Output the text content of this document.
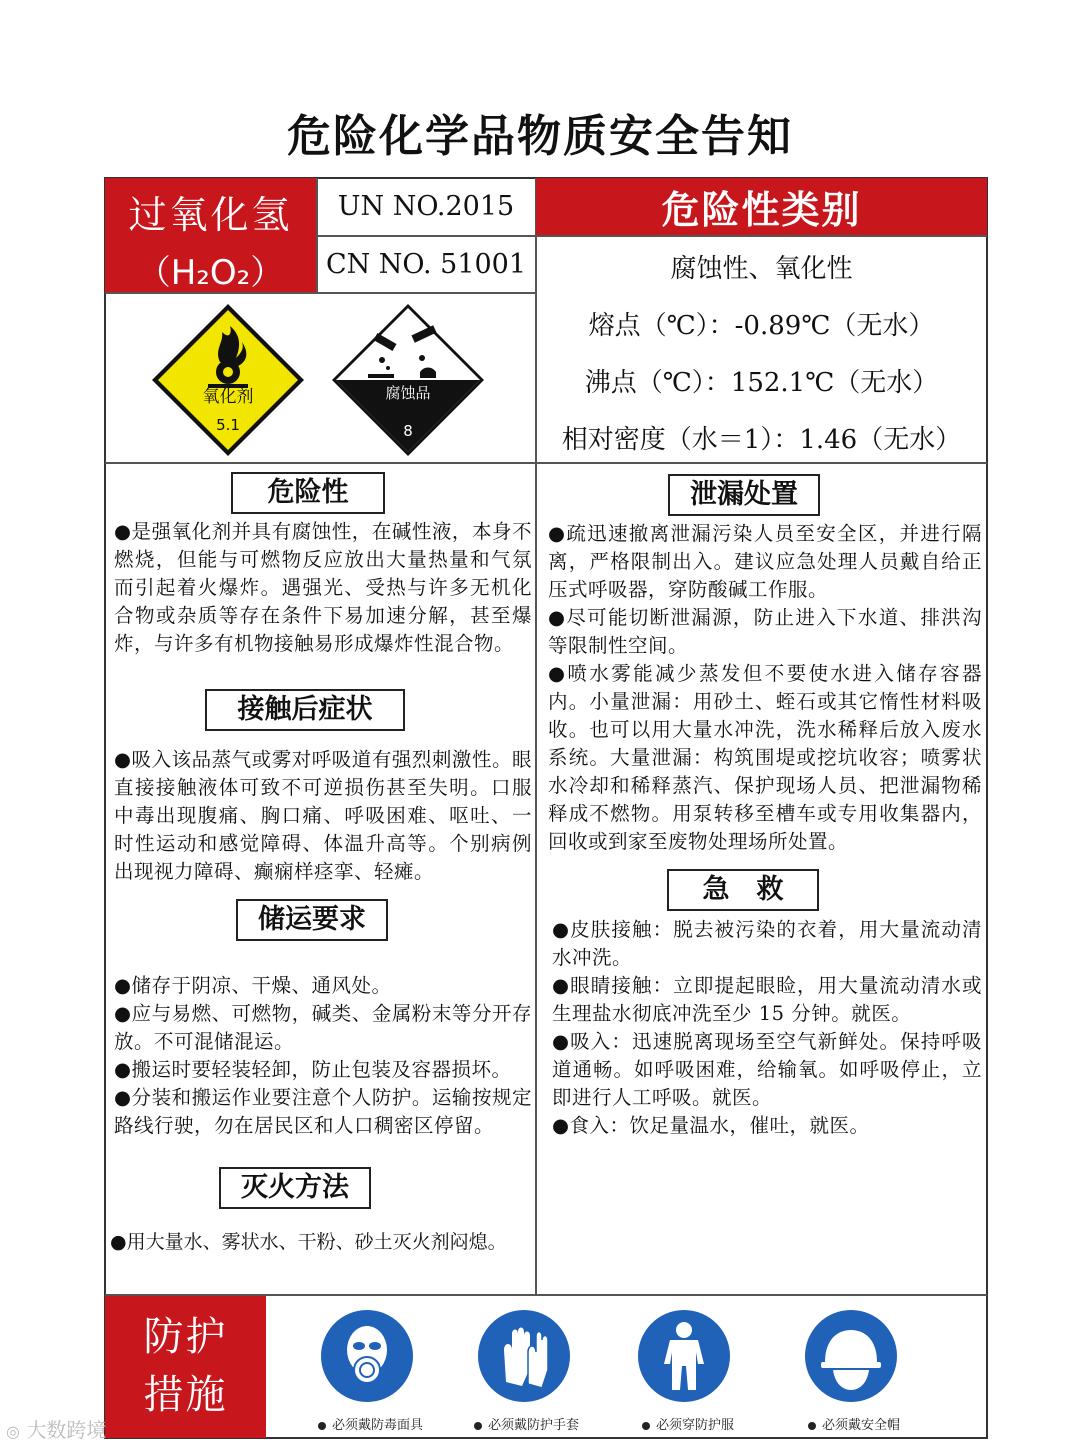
危险化学品物质安全告知
过氧化氢
（H₂O₂）
UN NO.2015
CN NO. 51001
危险性类别
腐蚀性、氧化性
熔点（℃）：-0.89℃（无水）
沸点（℃）：152.1℃（无水）
相对密度（水＝1）：1.46（无水）
氧化剂
5.1
腐蚀品
8
危险性
●是强氧化剂并具有腐蚀性，在碱性液，本身不燃烧，但能与可燃物反应放出大量热量和气氛而引起着火爆炸。遇强光、受热与许多无机化合物或杂质等存在条件下易加速分解，甚至爆炸，与许多有机物接触易形成爆炸性混合物。
接触后症状
●吸入该品蒸气或雾对呼吸道有强烈刺激性。眼直接接触液体可致不可逆损伤甚至失明。口服中毒出现腹痛、胸口痛、呼吸困难、呕吐、一时性运动和感觉障碍、体温升高等。个别病例出现视力障碍、癫痫样痉挛、轻瘫。
储运要求

●储存于阴凉、干燥、通风处。

●应与易燃、可燃物，碱类、金属粉末等分开存放。不可混储混运。

●搬运时要轻装轻卸，防止包装及容器损坏。

●分装和搬运作业要注意个人防护。运输按规定路线行驶，勿在居民区和人口稠密区停留。

灭火方法
●用大量水、雾状水、干粉、砂土灭火剂闷熄。
泄漏处置

●疏迅速撤离泄漏污染人员至安全区，并进行隔离，严格限制出入。建议应急处理人员戴自给正压式呼吸器，穿防酸碱工作服。

●尽可能切断泄漏源，防止进入下水道、排洪沟等限制性空间。

●喷水雾能减少蒸发但不要使水进入储存容器内。小量泄漏：用砂土、蛭石或其它惰性材料吸收。也可以用大量水冲洗，洗水稀释后放入废水系统。大量泄漏：构筑围堤或挖坑收容；喷雾状水冷却和稀释蒸汽、保护现场人员、把泄漏物稀释成不燃物。用泵转移至槽车或专用收集器内，回收或到家至废物处理场所处置。

急　救

●皮肤接触：脱去被污染的衣着，用大量流动清水冲洗。

●眼睛接触：立即提起眼睑，用大量流动清水或生理盐水彻底冲洗至少 15 分钟。就医。

●吸入：迅速脱离现场至空气新鲜处。保持呼吸道通畅。如呼吸困难，给输氧。如呼吸停止，立即进行人工呼吸。就医。

●食入：饮足量温水，催吐，就医。

防护
措施
必须戴防毒面具	必须戴防护手套	必须穿防护服	必须戴安全帽
◎ 大数跨境
